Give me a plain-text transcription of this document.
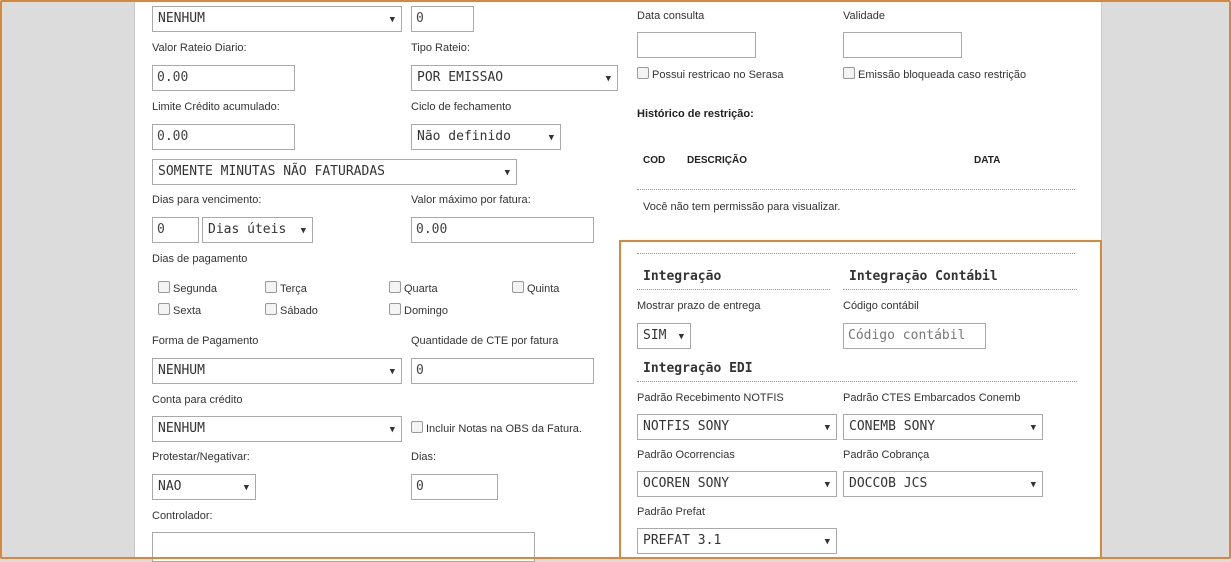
NENHUM	▼	0
Valor Rateio Diario:
0.00
Tipo Rateio:
POR EMISSAO	▼
Limite Crédito acumulado:
0.00
Ciclo de fechamento
Não definido	▼
SOMENTE MINUTAS NÃO FATURADAS	▼
Dias para vencimento:
0	Dias úteis ▼
Valor máximo por fatura:
0.00
Dias de pagamento
Segunda	Terça	Quarta	Quinta
Sexta	Sábado	Domingo
Forma de Pagamento
NENHUM	▼
Quantidade de CTE por fatura
0
Conta para crédito
NENHUM	▼	Incluir Notas na OBS da Fatura.
Protestar/Negativar:
NAO	▼
Dias:
0
Controlador:
Data consulta	Validade
Possui restricao no Serasa	Emissão bloqueada caso restrição
Histórico de restrição:
COD DESCRIÇÃO	DATA
Você não tem permissão para visualizar.
Integração	Integração Contábil
Mostrar prazo de entrega
SIM ▼
Código contábil
Código contábil
Integração EDI
Padrão Recebimento NOTFIS
NOTFIS SONY	▼
Padrão CTES Embarcados Conemb
CONEMB SONY	▼
Padrão Ocorrencias
OCOREN SONY	▼
Padrão Cobrança
DOCCOB JCS	▼
Padrão Prefat
PREFAT 3.1	▼
